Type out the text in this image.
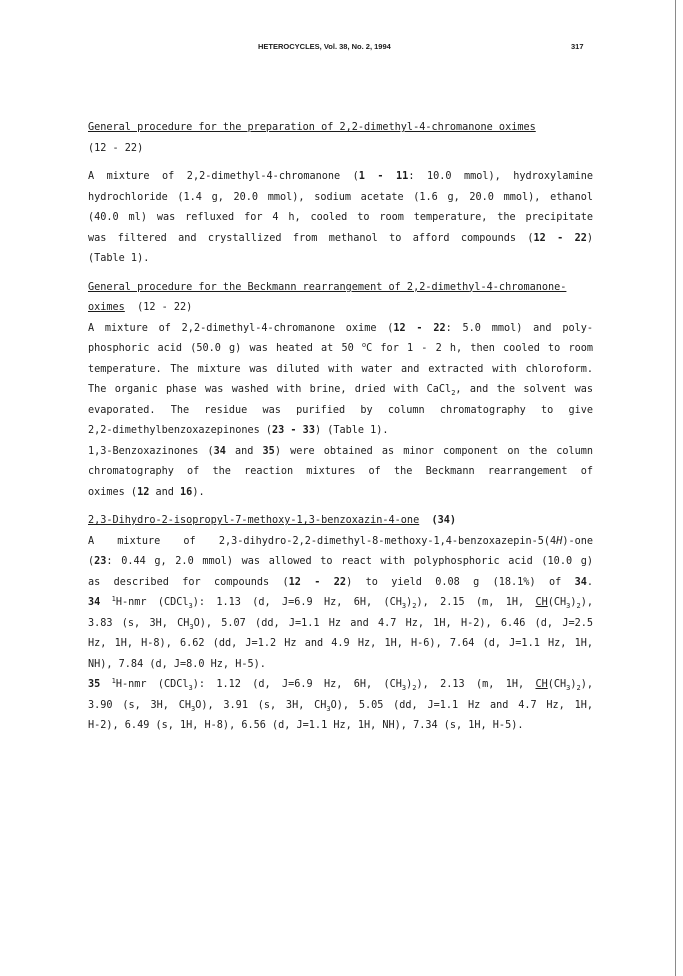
HETEROCYCLES, Vol. 38, No. 2, 1994	317
General procedure for the preparation of 2,2-dimethyl-4-chromanone oximes
(12 - 22)
A mixture of 2,2-dimethyl-4-chromanone (1 - 11: 10.0 mmol), hydroxylamine
hydrochloride (1.4 g, 20.0 mmol), sodium acetate (1.6 g, 20.0 mmol), ethanol
(40.0 ml) was refluxed for 4 h, cooled to room temperature, the precipitate
was filtered and crystallized from methanol to afford compounds (12 - 22)
(Table 1).
General procedure for the Beckmann rearrangement of 2,2-dimethyl-4-chromanone-
oximes (12 - 22)
A mixture of 2,2-dimethyl-4-chromanone oxime (12 - 22: 5.0 mmol) and poly-
phosphoric acid (50.0 g) was heated at 50 $^o$C for 1 - 2 h, then cooled to room
temperature. The mixture was diluted with water and extracted with chloroform.
The organic phase was washed with brine, dried with CaCl$_2$, and the solvent was
evaporated. The residue was purified by column chromatography to give
2,2-dimethylbenzoxazepinones (23 - 33) (Table 1).
1,3-Benzoxazinones (34 and 35) were obtained as minor component on the column
chromatography of the reaction mixtures of the Beckmann rearrangement of
oximes (12 and 16).
2,3-Dihydro-2-isopropyl-7-methoxy-1,3-benzoxazin-4-one (34)
A mixture of 2,3-dihydro-2,2-dimethyl-8-methoxy-1,4-benzoxazepin-5(4H)-one
(23: 0.44 g, 2.0 mmol) was allowed to react with polyphosphoric acid (10.0 g)
as described for compounds (12 - 22) to yield 0.08 g (18.1%) of 34.
34 $^1$H-nmr (CDCl$_3$): 1.13 (d, J=6.9 Hz, 6H, $(CH_3)_2$), 2.15 (m, 1H, $CH(CH_3)_2$),
3.83 (s, 3H, $CH_3O$), 5.07 (dd, J=1.1 Hz and 4.7 Hz, 1H, H-2), 6.46 (d, J=2.5
Hz, 1H, H-8), 6.62 (dd, J=1.2 Hz and 4.9 Hz, 1H, H-6), 7.64 (d, J=1.1 Hz, 1H,
NH), 7.84 (d, J=8.0 Hz, H-5).
35 $^1$H-nmr (CDCl$_3$): 1.12 (d, J=6.9 Hz, 6H, $(CH_3)_2$), 2.13 (m, 1H, $CH(CH_3)_2$),
3.90 (s, 3H, $CH_3O$), 3.91 (s, 3H, $CH_3O$), 5.05 (dd, J=1.1 Hz and 4.7 Hz, 1H,
H-2), 6.49 (s, 1H, H-8), 6.56 (d, J=1.1 Hz, 1H, NH), 7.34 (s, 1H, H-5).
